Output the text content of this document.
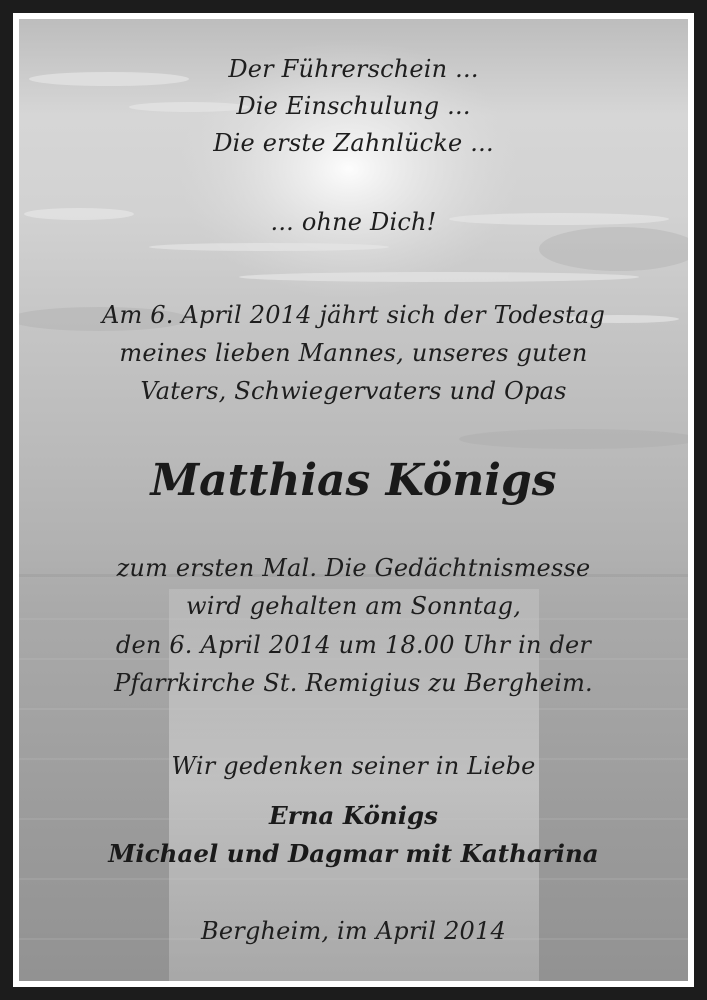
Der Führerschein ...
Die Einschulung ...
Die erste Zahnlücke ...
... ohne Dich!
Am 6. April 2014 jährt sich der Todestag
meines lieben Mannes, unseres guten
Vaters, Schwiegervaters und Opas
Matthias Königs
zum ersten Mal. Die Gedächtnismesse
wird gehalten am Sonntag,
den 6. April 2014 um 18.00 Uhr in der
Pfarrkirche St. Remigius zu Bergheim.
Wir gedenken seiner in Liebe
Erna Königs
Michael und Dagmar mit Katharina
Bergheim, im April 2014
